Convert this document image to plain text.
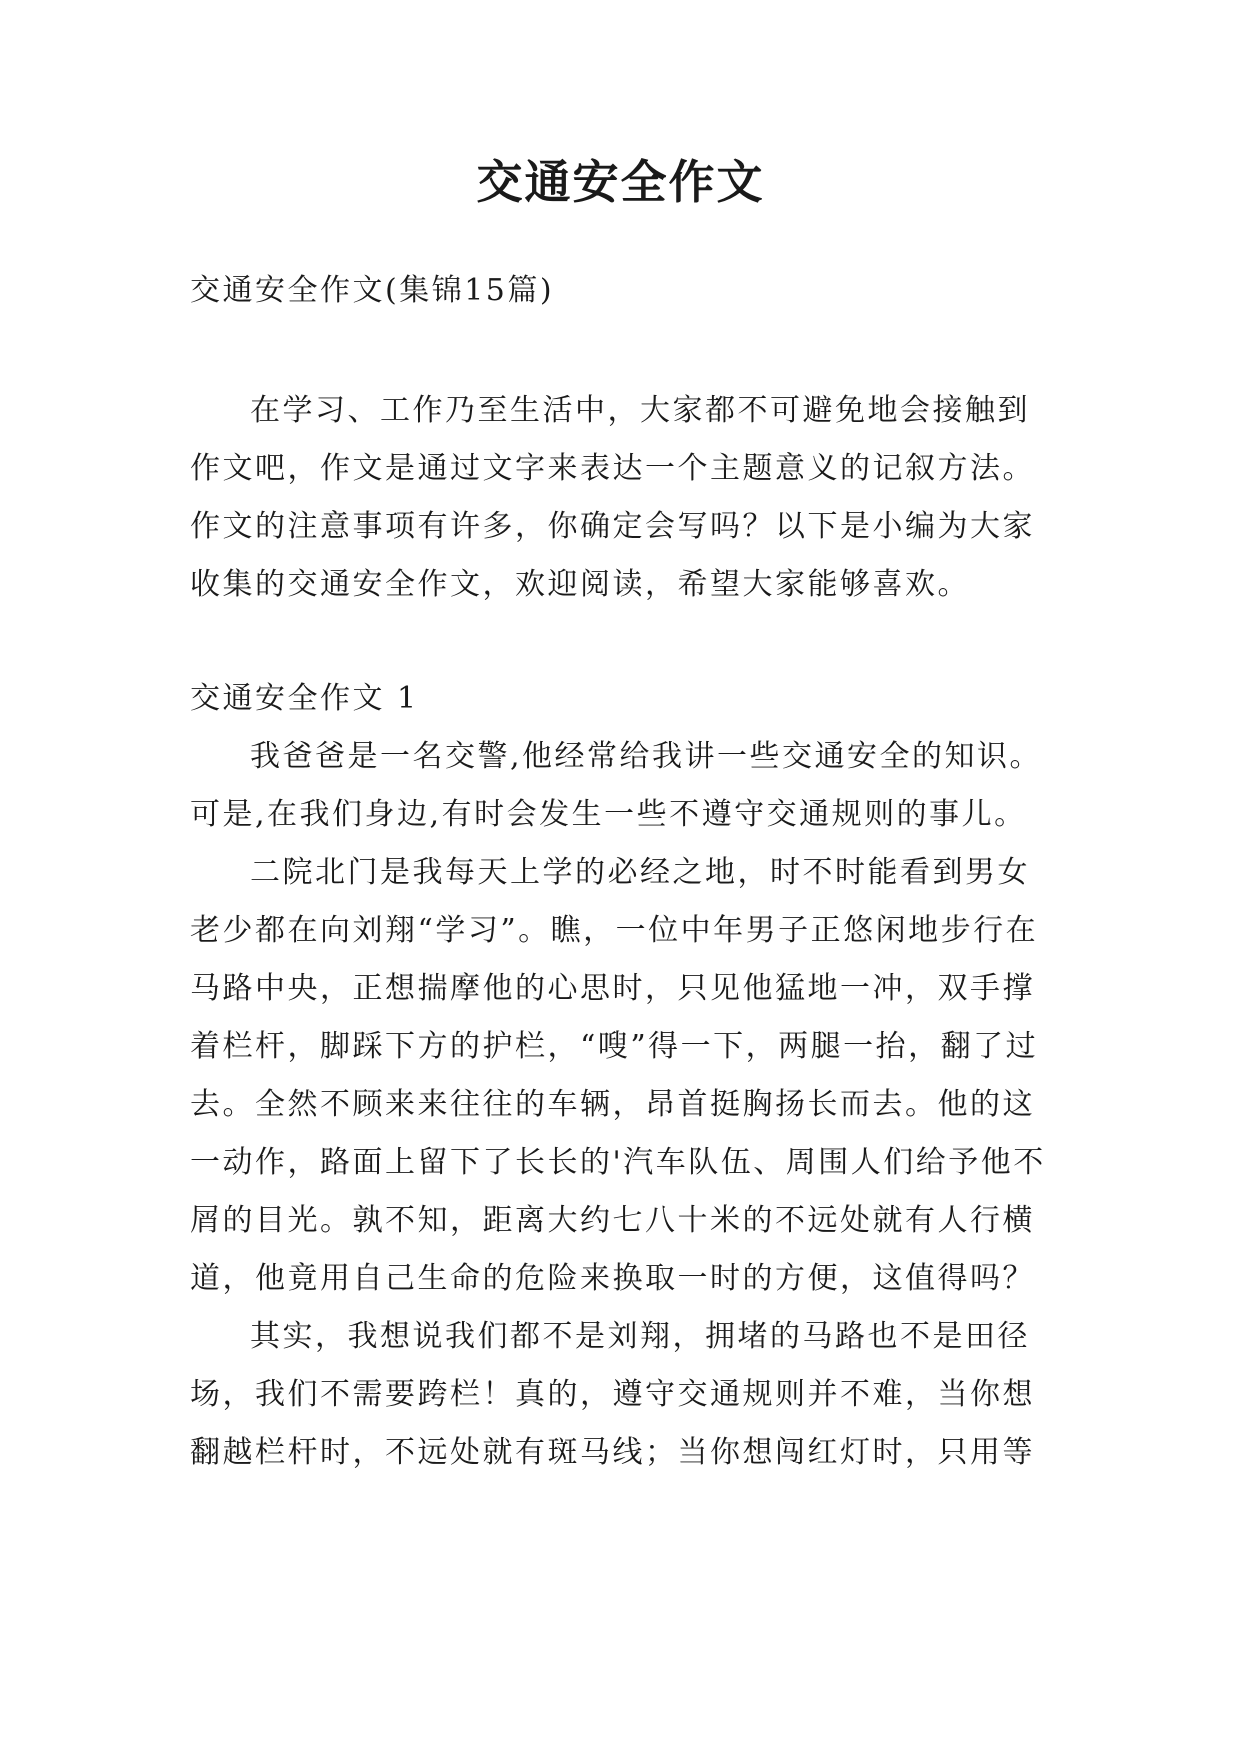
交通安全作文

交通安全作文(集锦15篇)

在学习、工作乃至生活中，大家都不可避免地会接触到作文吧，作文是通过文字来表达一个主题意义的记叙方法。作文的注意事项有许多，你确定会写吗？以下是小编为大家收集的交通安全作文，欢迎阅读，希望大家能够喜欢。

交通安全作文 1

我爸爸是一名交警,他经常给我讲一些交通安全的知识。可是,在我们身边,有时会发生一些不遵守交通规则的事儿。

二院北门是我每天上学的必经之地，时不时能看到男女老少都在向刘翔“学习”。瞧，一位中年男子正悠闲地步行在马路中央，正想揣摩他的心思时，只见他猛地一冲，双手撑着栏杆，脚踩下方的护栏，“嗖”得一下，两腿一抬，翻了过去。全然不顾来来往往的车辆，昂首挺胸扬长而去。他的这一动作，路面上留下了长长的'汽车队伍、周围人们给予他不屑的目光。孰不知，距离大约七八十米的不远处就有人行横道，他竟用自己生命的危险来换取一时的方便，这值得吗？

其实，我想说我们都不是刘翔，拥堵的马路也不是田径场，我们不需要跨栏！真的，遵守交通规则并不难，当你想翻越栏杆时，不远处就有斑马线；当你想闯红灯时，只用等
